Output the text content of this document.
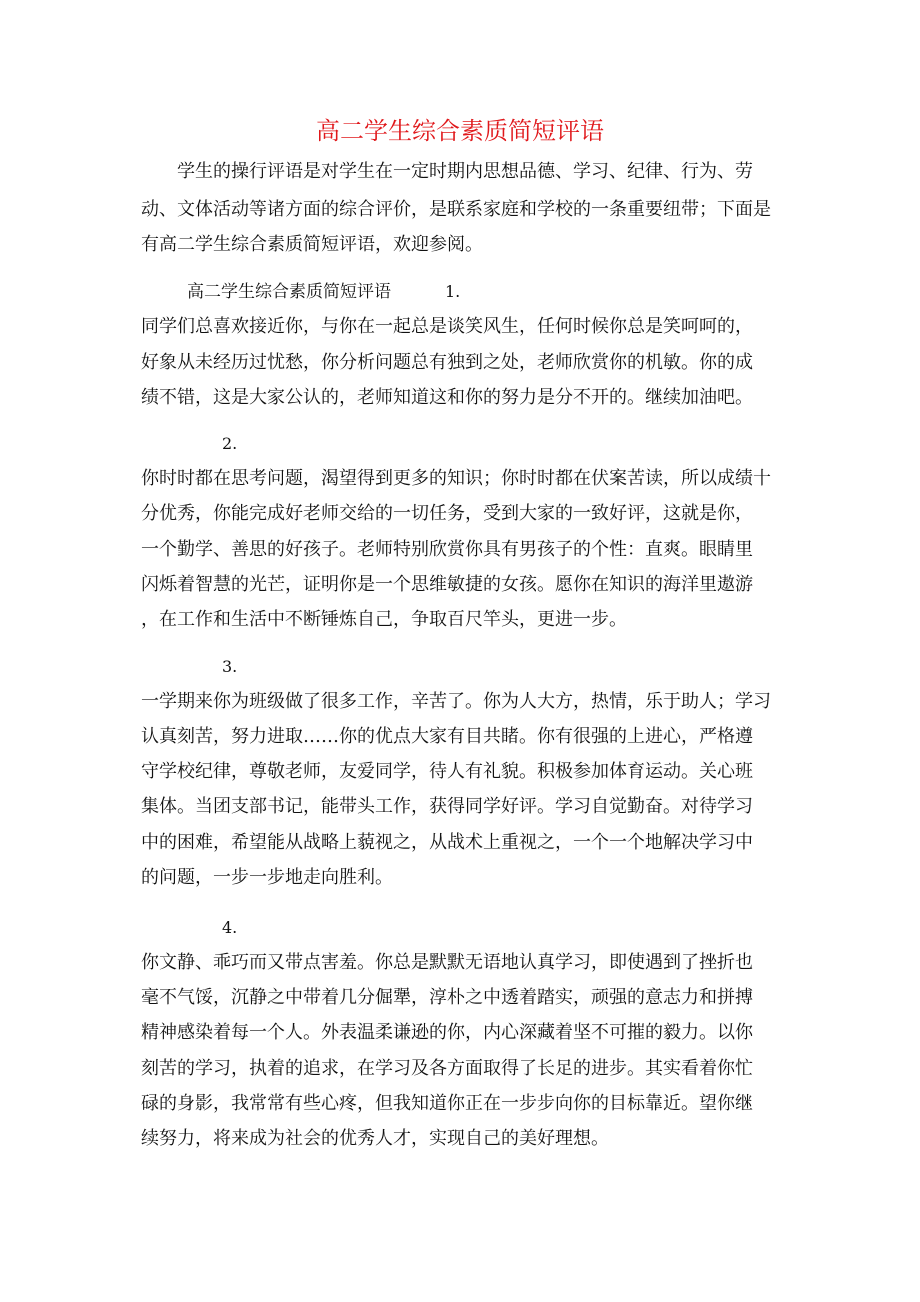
高二学生综合素质简短评语
学生的操行评语是对学生在一定时期内思想品德、学习、纪律、行为、劳
动、文体活动等诸方面的综合评价，是联系家庭和学校的一条重要纽带；下面是
有高二学生综合素质简短评语，欢迎参阅。
高二学生综合素质简短评语	1.
同学们总喜欢接近你，与你在一起总是谈笑风生，任何时候你总是笑呵呵的，
好象从未经历过忧愁，你分析问题总有独到之处，老师欣赏你的机敏。你的成
绩不错，这是大家公认的，老师知道这和你的努力是分不开的。继续加油吧。
2.
你时时都在思考问题，渴望得到更多的知识；你时时都在伏案苦读，所以成绩十
分优秀，你能完成好老师交给的一切任务，受到大家的一致好评，这就是你，
一个勤学、善思的好孩子。老师特别欣赏你具有男孩子的个性：直爽。眼睛里
闪烁着智慧的光芒，证明你是一个思维敏捷的女孩。愿你在知识的海洋里遨游
，在工作和生活中不断锤炼自己，争取百尺竿头，更进一步。
3.
一学期来你为班级做了很多工作，辛苦了。你为人大方，热情，乐于助人；学习
认真刻苦，努力进取……你的优点大家有目共睹。你有很强的上进心，严格遵
守学校纪律，尊敬老师，友爱同学，待人有礼貌。积极参加体育运动。关心班
集体。当团支部书记，能带头工作，获得同学好评。学习自觉勤奋。对待学习
中的困难，希望能从战略上藐视之，从战术上重视之，一个一个地解决学习中
的问题，一步一步地走向胜利。
4.
你文静、乖巧而又带点害羞。你总是默默无语地认真学习，即使遇到了挫折也
毫不气馁，沉静之中带着几分倔犟，淳朴之中透着踏实，顽强的意志力和拼搏
精神感染着每一个人。外表温柔谦逊的你，内心深藏着坚不可摧的毅力。以你
刻苦的学习，执着的追求，在学习及各方面取得了长足的进步。其实看着你忙
碌的身影，我常常有些心疼，但我知道你正在一步步向你的目标靠近。望你继
续努力，将来成为社会的优秀人才，实现自己的美好理想。
